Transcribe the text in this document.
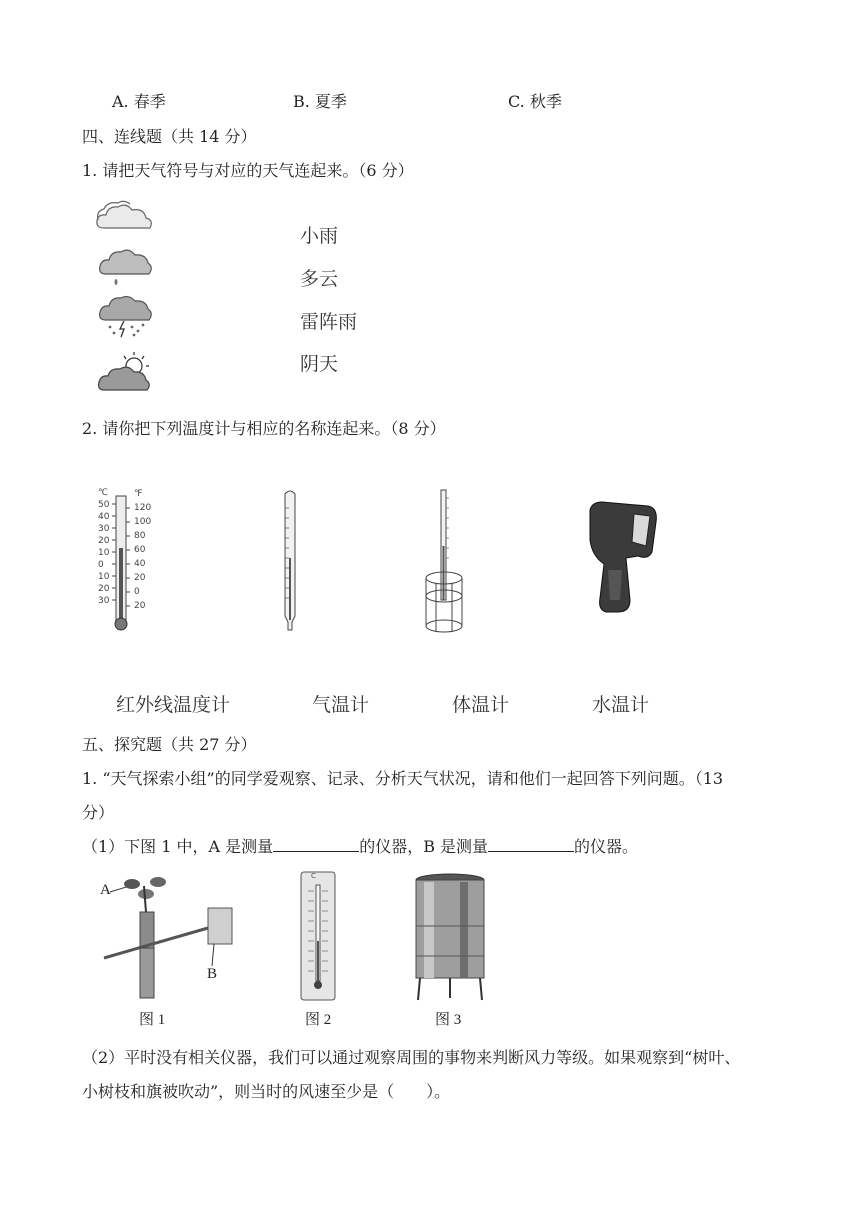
A. 春季	B. 夏季	C. 秋季
四、连线题（共 14 分）
1. 请把天气符号与对应的天气连起来。（6 分）
小雨
多云
雷阵雨
阴天
2. 请你把下列温度计与相应的名称连起来。（8 分）
℃
50
40
30
20
10
0
10
20
30
℉
120
100
80
60
40
20
0
20
红外线温度计	气温计	体温计	水温计
五、探究题（共 27 分）
1. “天气探索小组”的同学爱观察、记录、分析天气状况，请和他们一起回答下列问题。（13
分）
（1）下图 1 中，A 是测量	的仪器，B 是测量	的仪器。
A
B
C
图 1	图 2	图 3
（2）平时没有相关仪器，我们可以通过观察周围的事物来判断风力等级。如果观察到“树叶、
小树枝和旗被吹动”，则当时的风速至少是（　　）。
